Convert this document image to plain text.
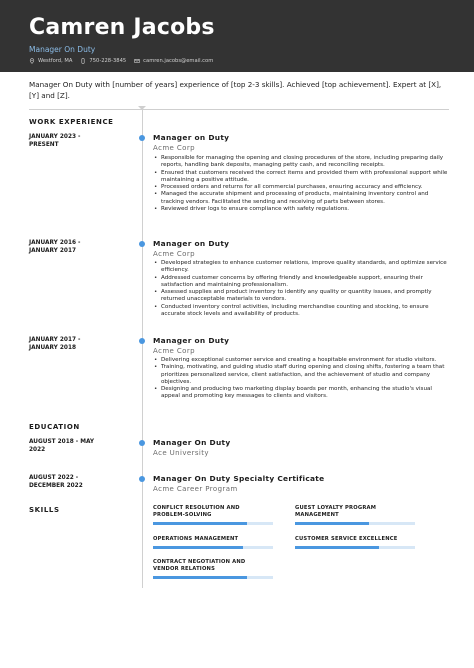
Camren Jacobs
Manager On Duty
Westford, MA	750-228-3845	camren.jacobs@email.com
Manager On Duty with [number of years] experience of [top 2-3 skills]. Achieved [top achievement]. Expert at [X], [Y] and [Z].
WORK EXPERIENCE
JANUARY 2023 - PRESENT
Manager on Duty
Acme Corp
• Responsible for managing the opening and closing procedures of the store, including preparing daily reports, handling bank deposits, managing petty cash, and reconciling receipts.
• Ensured that customers received the correct items and provided them with professional support while maintaining a positive attitude.
• Processed orders and returns for all commercial purchases, ensuring accuracy and efficiency.
• Managed the accurate shipment and processing of products, maintaining inventory control and tracking vendors. Facilitated the sending and receiving of parts between stores.
• Reviewed driver logs to ensure compliance with safety regulations.
JANUARY 2016 - JANUARY 2017
Manager on Duty
Acme Corp
• Developed strategies to enhance customer relations, improve quality standards, and optimize service efficiency.
• Addressed customer concerns by offering friendly and knowledgeable support, ensuring their satisfaction and maintaining professionalism.
• Assessed supplies and product inventory to identify any quality or quantity issues, and promptly returned unacceptable materials to vendors.
• Conducted inventory control activities, including merchandise counting and stocking, to ensure accurate stock levels and availability of products.
JANUARY 2017 - JANUARY 2018
Manager on Duty
Acme Corp
• Delivering exceptional customer service and creating a hospitable environment for studio visitors.
• Training, motivating, and guiding studio staff during opening and closing shifts, fostering a team that prioritizes personalized service, client satisfaction, and the achievement of studio and company objectives.
• Designing and producing two marketing display boards per month, enhancing the studio's visual appeal and promoting key messages to clients and visitors.
EDUCATION
AUGUST 2018 - MAY 2022
Manager On Duty
Ace University
AUGUST 2022 - DECEMBER 2022
Manager On Duty Specialty Certificate
Acme Career Program
SKILLS	CONFLICT RESOLUTION AND PROBLEM-SOLVING
GUEST LOYALTY PROGRAM MANAGEMENT
OPERATIONS MANAGEMENT	CUSTOMER SERVICE EXCELLENCE
CONTRACT NEGOTIATION AND VENDOR RELATIONS
